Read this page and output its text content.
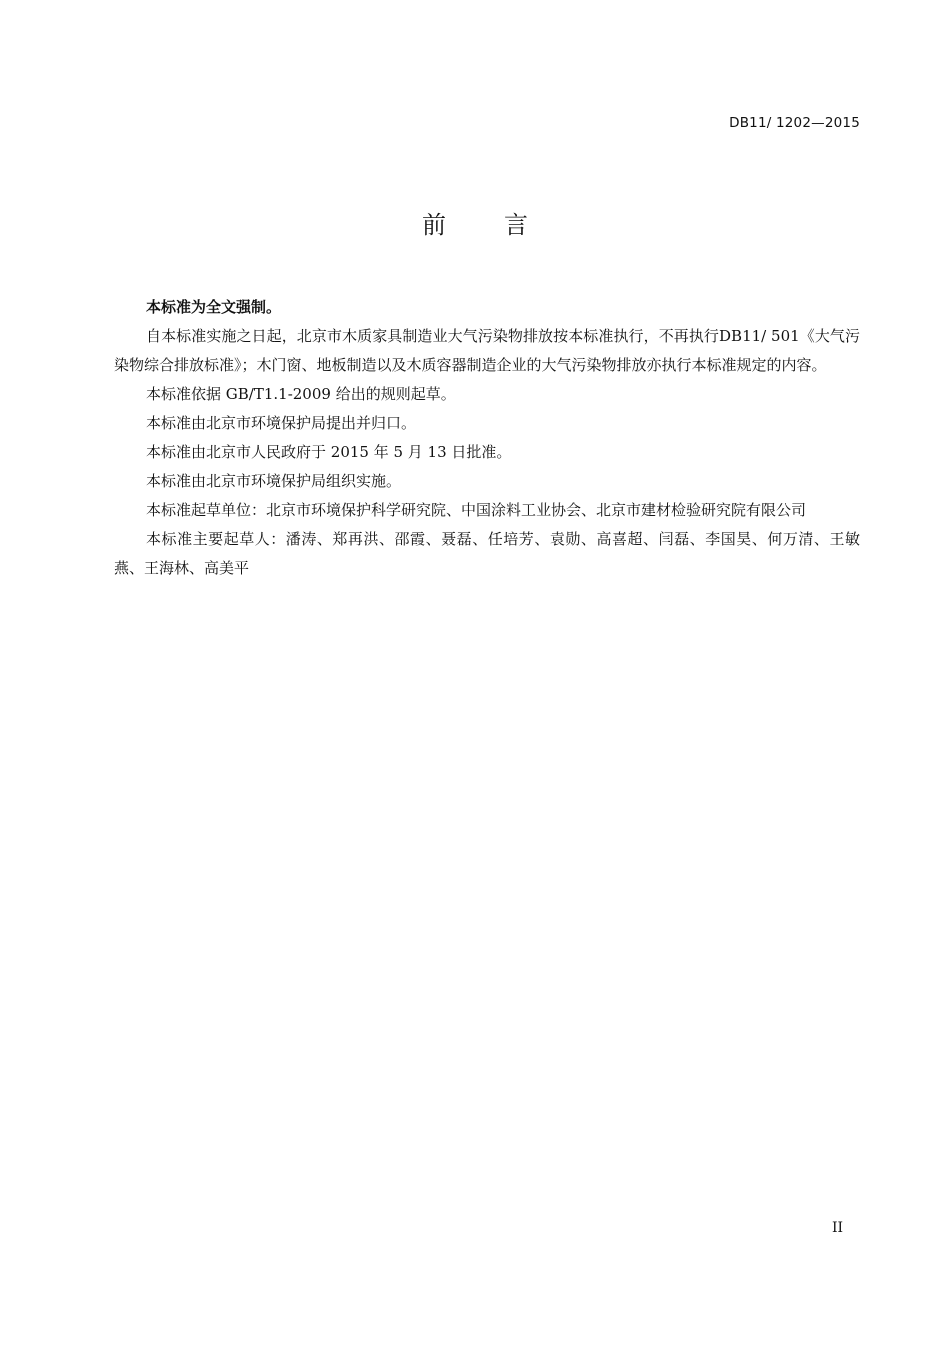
DB11/ 1202—2015
前言

本标准为全文强制。

自本标准实施之日起，北京市木质家具制造业大气污染物排放按本标准执行，不再执行DB11/ 501《大气污染物综合排放标准》；木门窗、地板制造以及木质容器制造企业的大气污染物排放亦执行本标准规定的内容。

本标准依据 GB/T1.1-2009 给出的规则起草。

本标准由北京市环境保护局提出并归口。

本标准由北京市人民政府于 2015 年 5 月 13 日批准。

本标准由北京市环境保护局组织实施。

本标准起草单位：北京市环境保护科学研究院、中国涂料工业协会、北京市建材检验研究院有限公司

本标准主要起草人：潘涛、郑再洪、邵霞、聂磊、任培芳、袁勋、高喜超、闫磊、李国昊、何万清、王敏燕、王海林、高美平

II
